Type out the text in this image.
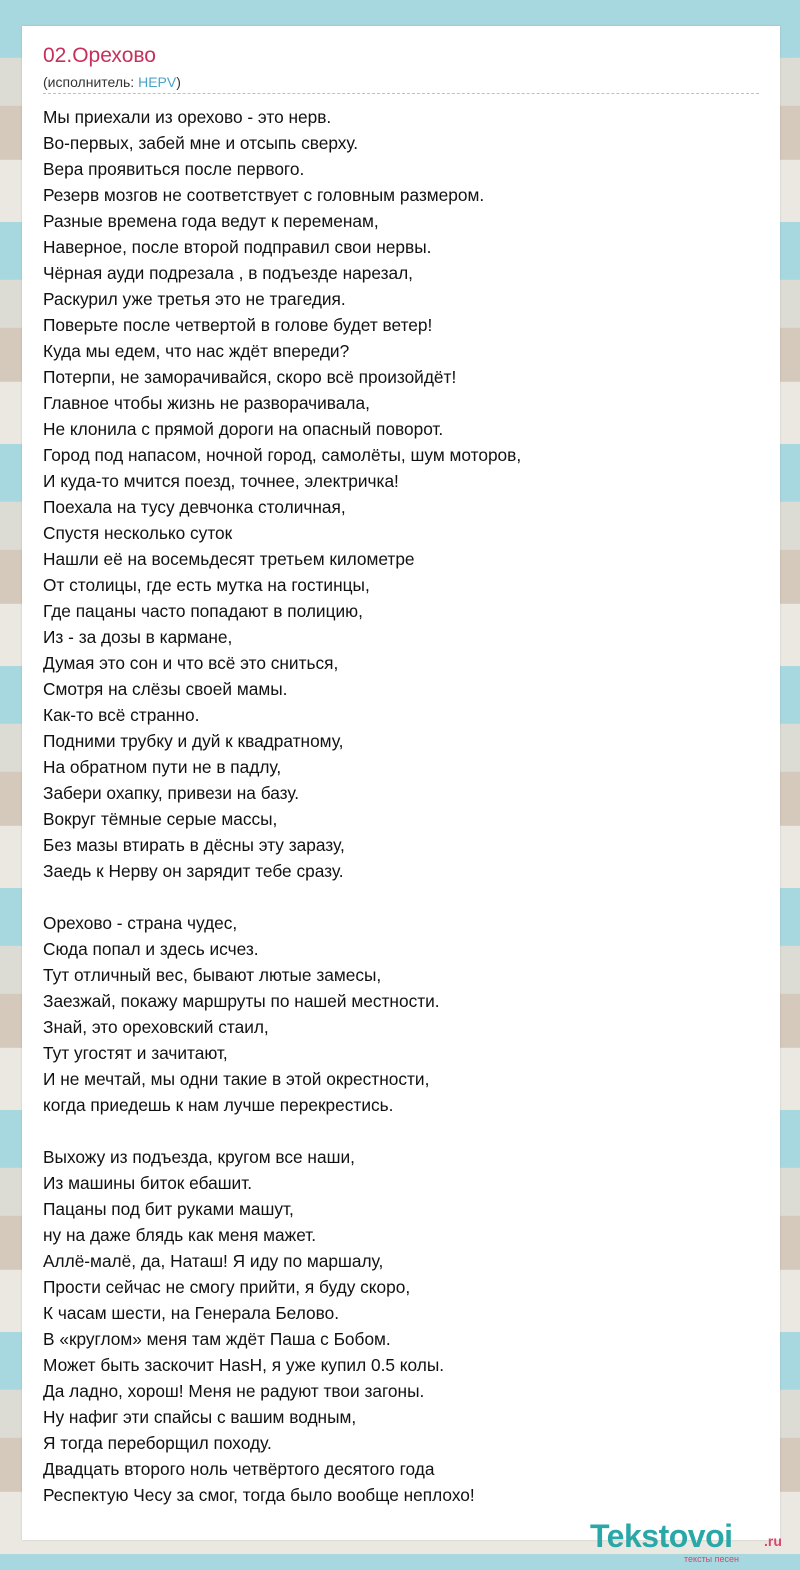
02.Орехово
(исполнитель: HEPV)
Мы приехали из орехово - это нерв.
Во-первых, забей мне и отсыпь сверху.
Вера проявиться после первого.
Резерв мозгов не соответствует с головным размером.
Разные времена года ведут к переменам,
Наверное, после второй подправил свои нервы.
Чёрная ауди подрезала , в подъезде нарезал,
Раскурил уже третья это не трагедия.
Поверьте после четвертой в голове будет ветер!
Куда мы едем, что нас ждёт впереди?
Потерпи, не заморачивайся, скоро всё произойдёт!
Главное чтобы жизнь не разворачивала,
Не клонила с прямой дороги на опасный поворот.
Город под напасом, ночной город, самолёты, шум моторов,
И куда-то мчится поезд, точнее, электричка!
Поехала на тусу девчонка столичная,
Спустя несколько суток
Нашли её на восемьдесят третьем километре
От столицы, где есть мутка на гостинцы,
Где пацаны часто попадают в полицию,
Из - за дозы в кармане,
Думая это сон и что всё это сниться,
Смотря на слёзы своей мамы.
Как-то всё странно.
Подними трубку и дуй к квадратному,
На обратном пути не в падлу,
Забери охапку, привези на базу.
Вокруг тёмные серые массы,
Без мазы втирать в дёсны эту заразу,
Заедь к Нерву он зарядит тебе сразу.
Орехово - страна чудес,
Сюда попал и здесь исчез.
Тут отличный вес, бывают лютые замесы,
Заезжай, покажу маршруты по нашей местности.
Знай, это ореховский стаил,
Тут угостят и зачитают,
И не мечтай, мы одни такие в этой окрестности,
когда приедешь к нам лучше перекрестись.
Выхожу из подъезда, кругом все наши,
Из машины биток ебашит.
Пацаны под бит руками машут,
ну на даже блядь как меня мажет.
Аллё-малё, да, Наташ! Я иду по маршалу,
Прости сейчас не смогу прийти, я буду скоро,
К часам шести, на Генерала Белово.
В «круглом» меня там ждёт Паша с Бобом.
Может быть заскочит HasH, я уже купил 0.5 колы.
Да ладно, хорош! Меня не радуют твои загоны.
Ну нафиг эти спайсы с вашим водным,
Я тогда переборщил походу.
Двадцать второго ноль четвёртого десятого года
Респектую Чесу за смог, тогда было вообще неплохо!
Tekstovoi .ru
тексты песен
